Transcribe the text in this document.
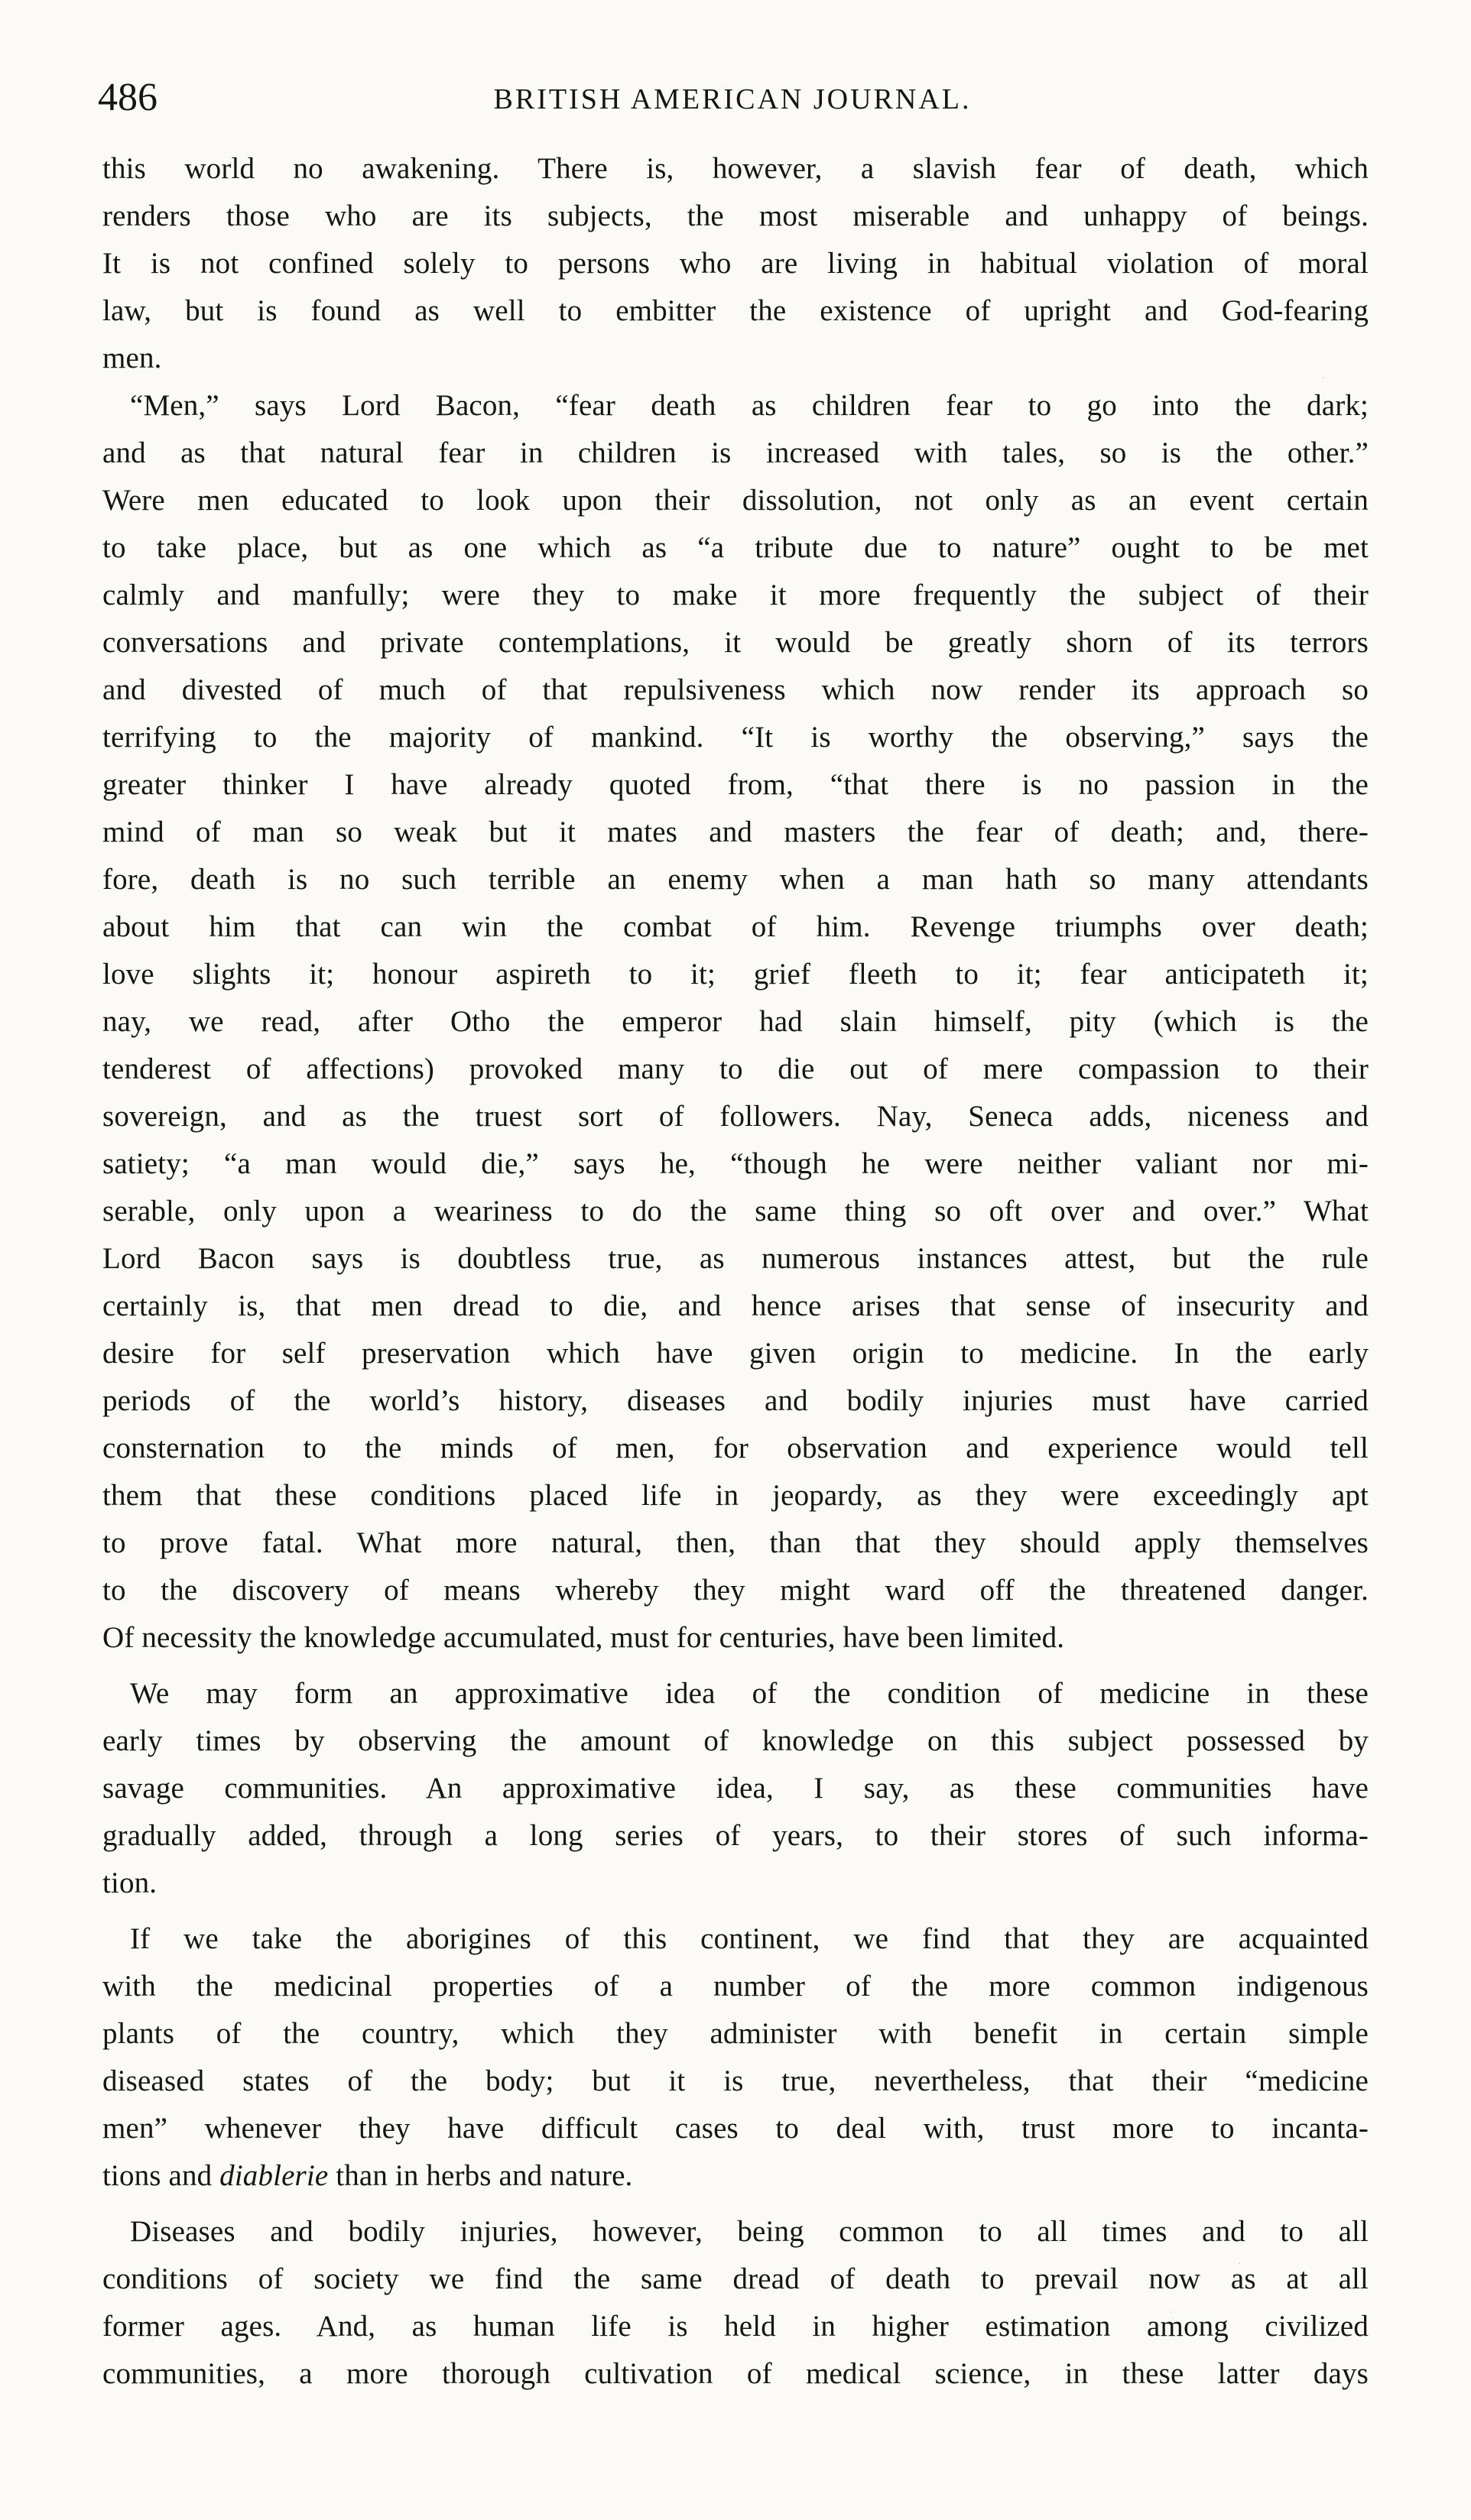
486	BRITISH AMERICAN JOURNAL.
this world no awakening. There is, however, a slavish fear of death, which
renders those who are its subjects, the most miserable and unhappy of beings.
It is not confined solely to persons who are living in habitual violation of moral
law, but is found as well to embitter the existence of upright and God-fearing
men.
“Men,” says Lord Bacon, “fear death as children fear to go into the dark;
and as that natural fear in children is increased with tales, so is the other.”
Were men educated to look upon their dissolution, not only as an event certain
to take place, but as one which as “a tribute due to nature” ought to be met
calmly and manfully; were they to make it more frequently the subject of their
conversations and private contemplations, it would be greatly shorn of its terrors
and divested of much of that repulsiveness which now render its approach so
terrifying to the majority of mankind. “It is worthy the observing,” says the
greater thinker I have already quoted from, “that there is no passion in the
mind of man so weak but it mates and masters the fear of death; and, there-
fore, death is no such terrible an enemy when a man hath so many attendants
about him that can win the combat of him. Revenge triumphs over death;
love slights it; honour aspireth to it; grief fleeth to it; fear anticipateth it;
nay, we read, after Otho the emperor had slain himself, pity (which is the
tenderest of affections) provoked many to die out of mere compassion to their
sovereign, and as the truest sort of followers. Nay, Seneca adds, niceness and
satiety; “a man would die,” says he, “though he were neither valiant nor mi-
serable, only upon a weariness to do the same thing so oft over and over.” What
Lord Bacon says is doubtless true, as numerous instances attest, but the rule
certainly is, that men dread to die, and hence arises that sense of insecurity and
desire for self preservation which have given origin to medicine. In the early
periods of the world’s history, diseases and bodily injuries must have carried
consternation to the minds of men, for observation and experience would tell
them that these conditions placed life in jeopardy, as they were exceedingly apt
to prove fatal. What more natural, then, than that they should apply themselves
to the discovery of means whereby they might ward off the threatened danger.
Of necessity the knowledge accumulated, must for centuries, have been limited.
We may form an approximative idea of the condition of medicine in these
early times by observing the amount of knowledge on this subject possessed by
savage communities. An approximative idea, I say, as these communities have
gradually added, through a long series of years, to their stores of such informa-
tion.
If we take the aborigines of this continent, we find that they are acquainted
with the medicinal properties of a number of the more common indigenous
plants of the country, which they administer with benefit in certain simple
diseased states of the body; but it is true, nevertheless, that their “medicine
men” whenever they have difficult cases to deal with, trust more to incanta-
tions and diablerie than in herbs and nature.
Diseases and bodily injuries, however, being common to all times and to all
conditions of society we find the same dread of death to prevail now as at all
former ages. And, as human life is held in higher estimation among civilized
communities, a more thorough cultivation of medical science, in these latter days
